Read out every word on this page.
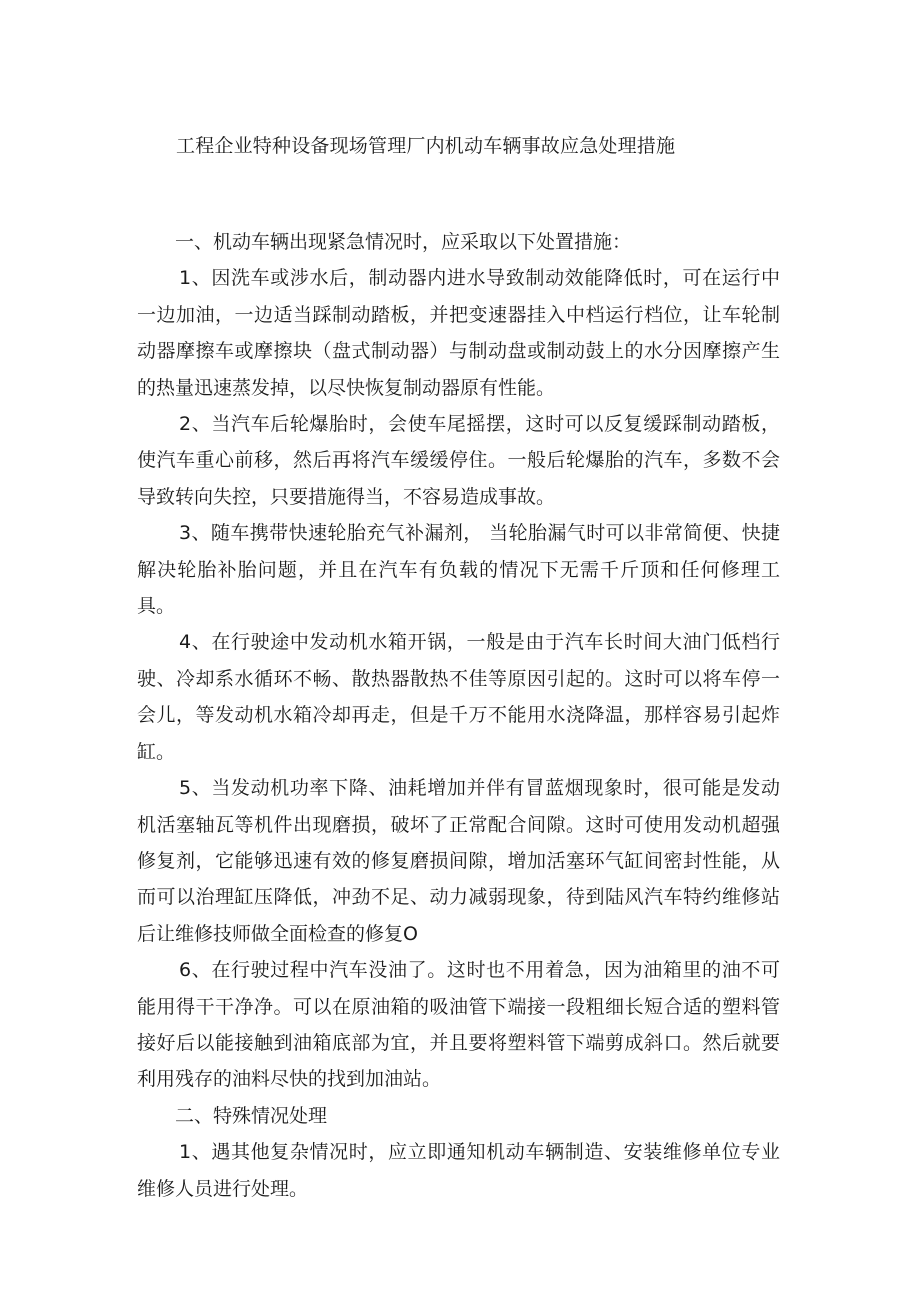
工程企业特种设备现场管理厂内机动车辆事故应急处理措施

一、机动车辆出现紧急情况时，应采取以下处置措施：

1、因洗车或涉水后，制动器内进水导致制动效能降低时，可在运行中一边加油，一边适当踩制动踏板，并把变速器挂入中档运行档位，让车轮制动器摩擦车或摩擦块（盘式制动器）与制动盘或制动鼓上的水分因摩擦产生的热量迅速蒸发掉，以尽快恢复制动器原有性能。

2、当汽车后轮爆胎时，会使车尾摇摆，这时可以反复缓踩制动踏板，使汽车重心前移，然后再将汽车缓缓停住。一般后轮爆胎的汽车，多数不会导致转向失控，只要措施得当，不容易造成事故。

3、随车携带快速轮胎充气补漏剂， 当轮胎漏气时可以非常简便、快捷解决轮胎补胎问题，并且在汽车有负载的情况下无需千斤顶和任何修理工具。

4、在行驶途中发动机水箱开锅，一般是由于汽车长时间大油门低档行驶、冷却系水循环不畅、散热器散热不佳等原因引起的。这时可以将车停一会儿，等发动机水箱冷却再走，但是千万不能用水浇降温，那样容易引起炸缸。

5、当发动机功率下降、油耗增加并伴有冒蓝烟现象时，很可能是发动机活塞轴瓦等机件出现磨损，破坏了正常配合间隙。这时可使用发动机超强修复剂，它能够迅速有效的修复磨损间隙，增加活塞环气缸间密封性能，从而可以治理缸压降低，冲劲不足、动力减弱现象，待到陆风汽车特约维修站后让维修技师做全面检查的修复O

6、在行驶过程中汽车没油了。这时也不用着急，因为油箱里的油不可能用得干干净净。可以在原油箱的吸油管下端接一段粗细长短合适的塑料管接好后以能接触到油箱底部为宜，并且要将塑料管下端剪成斜口。然后就要利用残存的油料尽快的找到加油站。

二、特殊情况处理

1、遇其他复杂情况时，应立即通知机动车辆制造、安装维修单位专业维修人员进行处理。
